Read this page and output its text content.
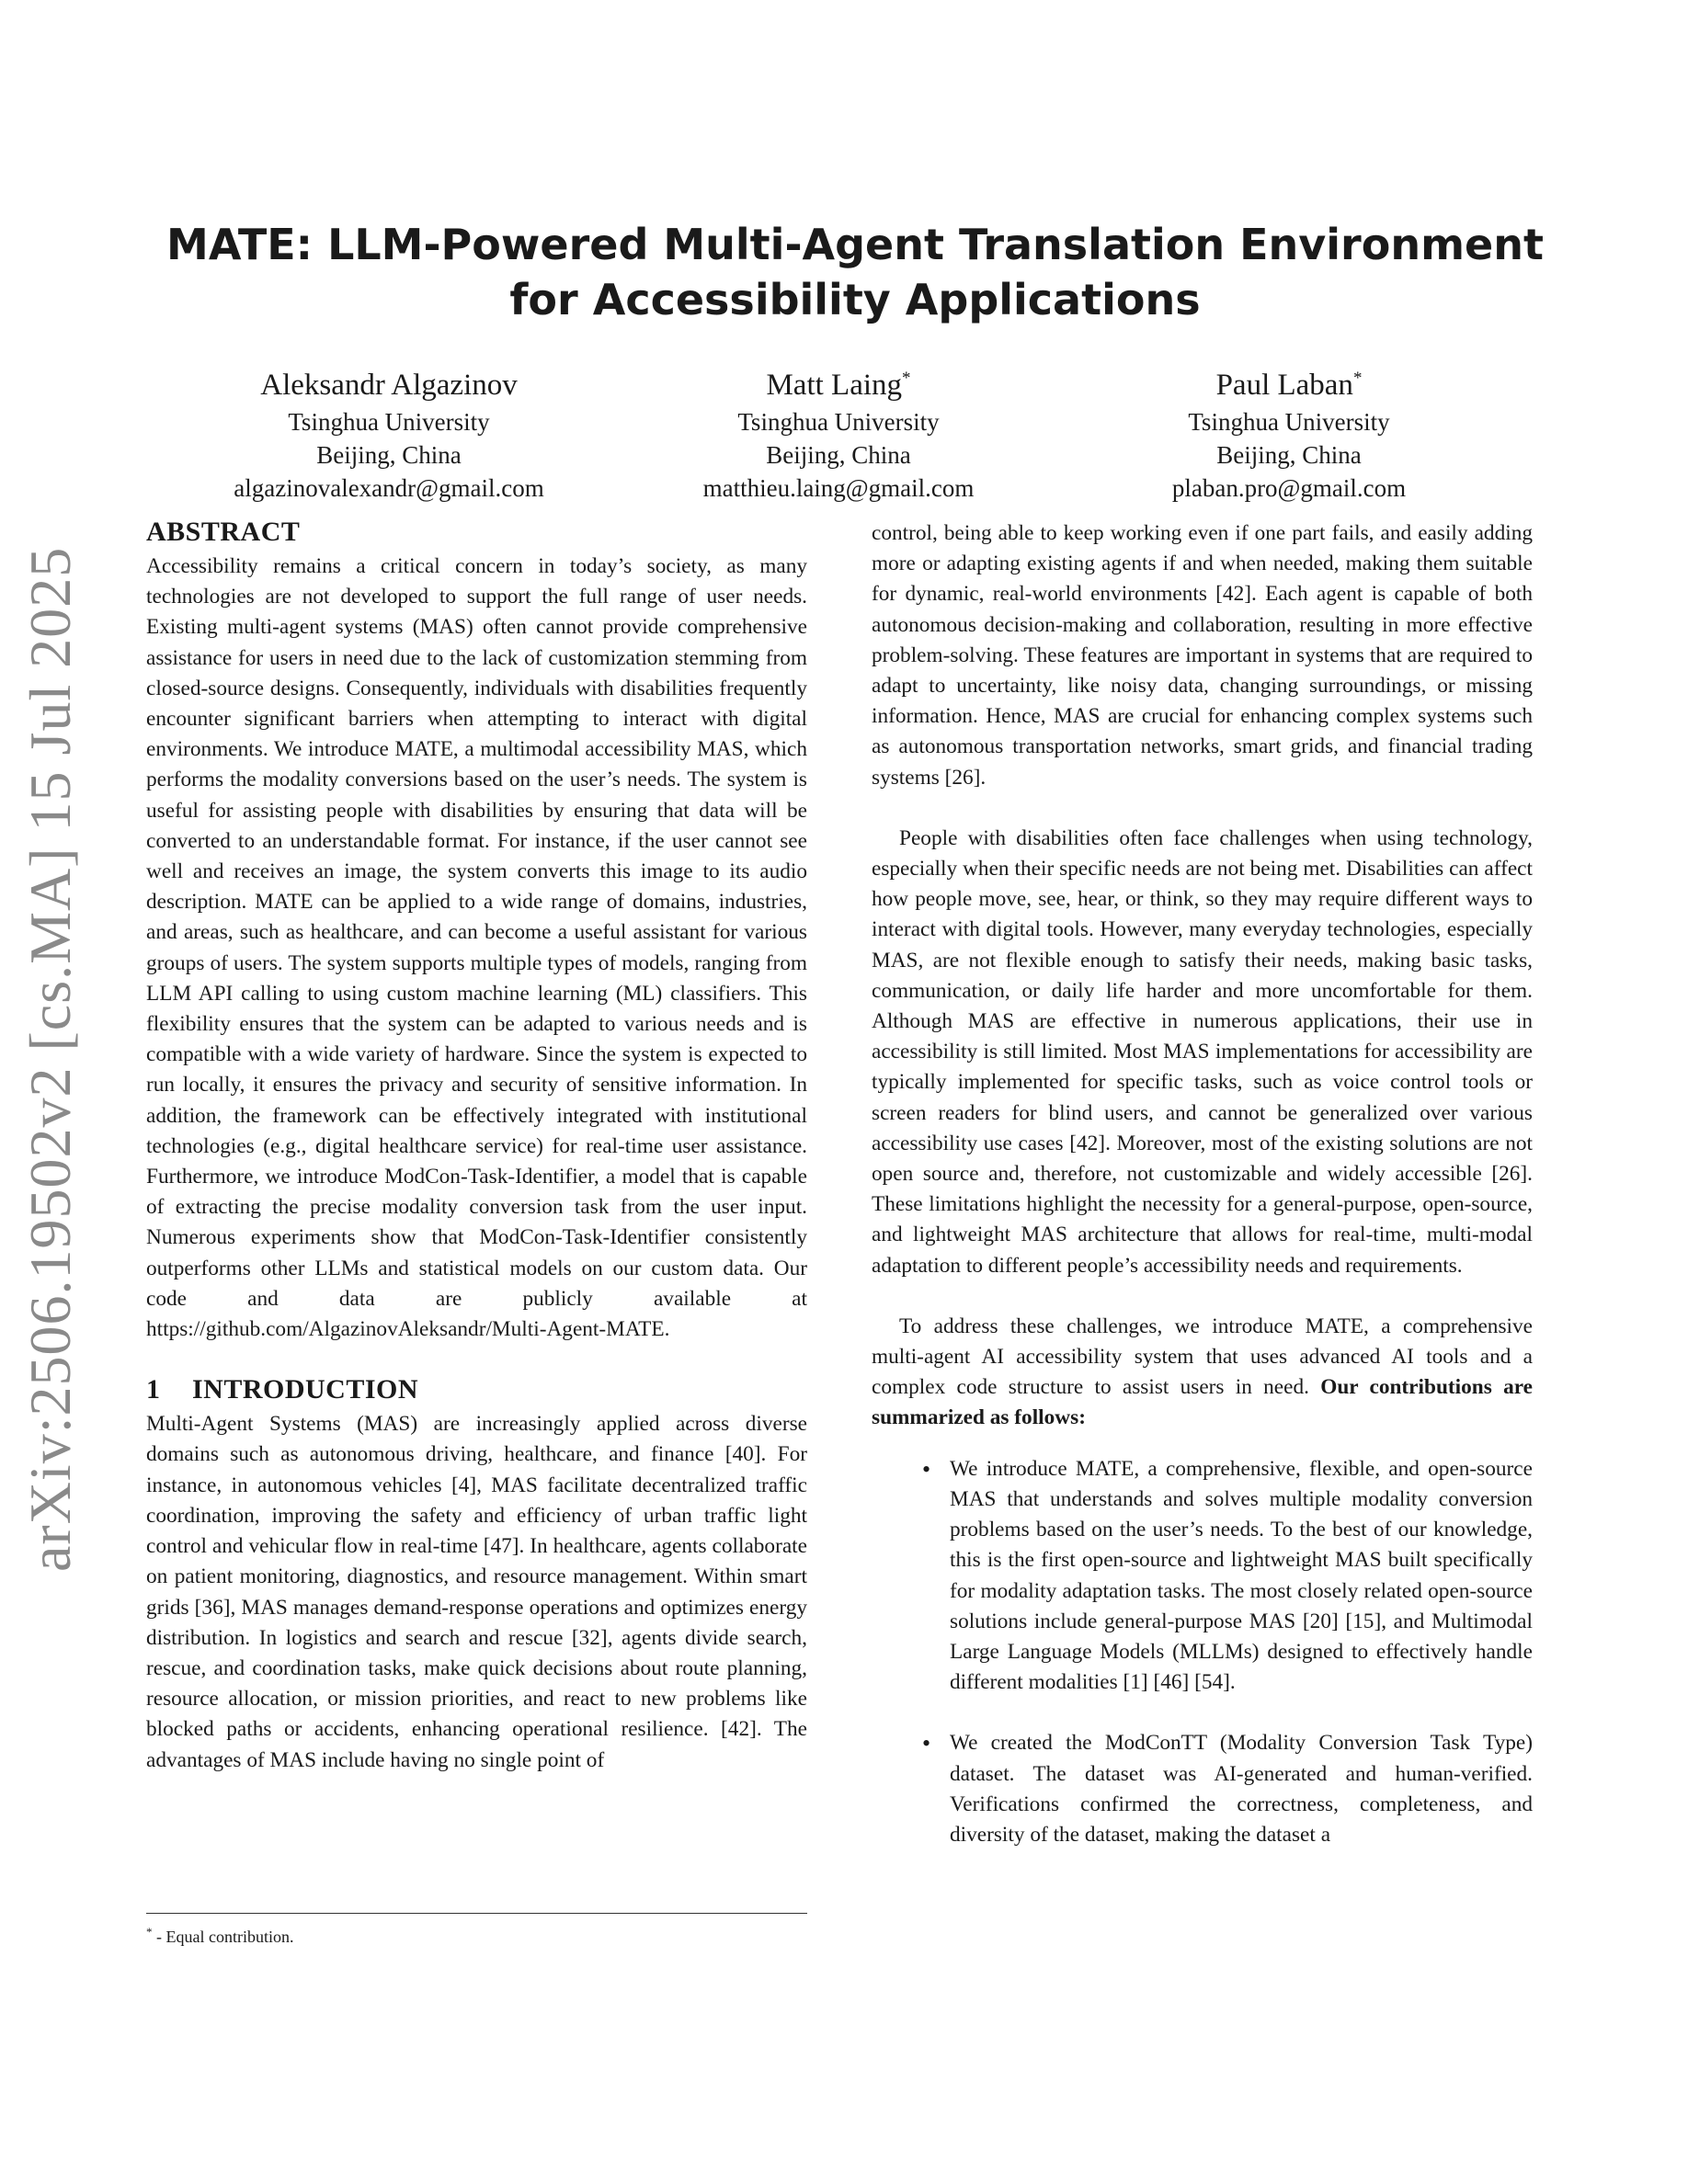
arXiv:2506.19502v2 [cs.MA] 15 Jul 2025
MATE: LLM-Powered Multi-Agent Translation Environment for Accessibility Applications
Aleksandr Algazinov
Tsinghua University
Beijing, China
algazinovalexandr@gmail.com
Matt Laing*
Tsinghua University
Beijing, China
matthieu.laing@gmail.com
Paul Laban*
Tsinghua University
Beijing, China
plaban.pro@gmail.com
ABSTRACT

Accessibility remains a critical concern in today’s society, as many technologies are not developed to support the full range of user needs. Existing multi-agent systems (MAS) often cannot provide comprehensive assistance for users in need due to the lack of customization stemming from closed-source designs. Consequently, individuals with disabilities frequently encounter significant barriers when attempting to interact with digital environments. We introduce MATE, a multimodal accessibility MAS, which performs the modality conversions based on the user’s needs. The system is useful for assisting people with disabilities by ensuring that data will be converted to an understandable format. For instance, if the user cannot see well and receives an image, the system converts this image to its audio description. MATE can be applied to a wide range of domains, industries, and areas, such as healthcare, and can become a useful assistant for various groups of users. The system supports multiple types of models, ranging from LLM API calling to using custom machine learning (ML) classifiers. This flexibility ensures that the system can be adapted to various needs and is compatible with a wide variety of hardware. Since the system is expected to run locally, it ensures the privacy and security of sensitive information. In addition, the framework can be effectively integrated with institutional technologies (e.g., digital healthcare service) for real-time user assistance. Furthermore, we introduce ModCon-Task-Identifier, a model that is capable of extracting the precise modality conversion task from the user input. Numerous experiments show that ModCon-Task-Identifier consistently outperforms other LLMs and statistical models on our custom data. Our code and data are publicly available at https://github.com/AlgazinovAleksandr/Multi-Agent-MATE.

1 INTRODUCTION

Multi-Agent Systems (MAS) are increasingly applied across diverse domains such as autonomous driving, healthcare, and finance [40]. For instance, in autonomous vehicles [4], MAS facilitate decentralized traffic coordination, improving the safety and efficiency of urban traffic light control and vehicular flow in real-time [47]. In healthcare, agents collaborate on patient monitoring, diagnostics, and resource management. Within smart grids [36], MAS manages demand-response operations and optimizes energy distribution. In logistics and search and rescue [32], agents divide search, rescue, and coordination tasks, make quick decisions about route planning, resource allocation, or mission priorities, and react to new problems like blocked paths or accidents, enhancing operational resilience. [42]. The advantages of MAS include having no single point of

control, being able to keep working even if one part fails, and easily adding more or adapting existing agents if and when needed, making them suitable for dynamic, real-world environments [42]. Each agent is capable of both autonomous decision-making and collaboration, resulting in more effective problem-solving. These features are important in systems that are required to adapt to uncertainty, like noisy data, changing surroundings, or missing information. Hence, MAS are crucial for enhancing complex systems such as autonomous transportation networks, smart grids, and financial trading systems [26].

People with disabilities often face challenges when using technology, especially when their specific needs are not being met. Disabilities can affect how people move, see, hear, or think, so they may require different ways to interact with digital tools. However, many everyday technologies, especially MAS, are not flexible enough to satisfy their needs, making basic tasks, communication, or daily life harder and more uncomfortable for them. Although MAS are effective in numerous applications, their use in accessibility is still limited. Most MAS implementations for accessibility are typically implemented for specific tasks, such as voice control tools or screen readers for blind users, and cannot be generalized over various accessibility use cases [42]. Moreover, most of the existing solutions are not open source and, therefore, not customizable and widely accessible [26]. These limitations highlight the necessity for a general-purpose, open-source, and lightweight MAS architecture that allows for real-time, multi-modal adaptation to different people’s accessibility needs and requirements.

To address these challenges, we introduce MATE, a comprehensive multi-agent AI accessibility system that uses advanced AI tools and a complex code structure to assist users in need. Our contributions are summarized as follows:

• We introduce MATE, a comprehensive, flexible, and open-source MAS that understands and solves multiple modality conversion problems based on the user’s needs. To the best of our knowledge, this is the first open-source and lightweight MAS built specifically for modality adaptation tasks. The most closely related open-source solutions include general-purpose MAS [20] [15], and Multimodal Large Language Models (MLLMs) designed to effectively handle different modalities [1] [46] [54].
• We created the ModConTT (Modality Conversion Task Type) dataset. The dataset was AI-generated and human-verified. Verifications confirmed the correctness, completeness, and diversity of the dataset, making the dataset a
* - Equal contribution.
